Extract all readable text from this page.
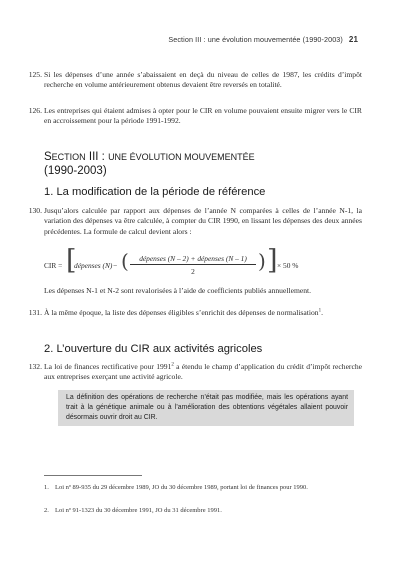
Section III : une évolution mouvementée (1990-2003) 21
125. Si les dépenses d’une année s’abaissaient en deçà du niveau de celles de 1987, les crédits d’impôt recherche en volume antérieurement obtenus devaient être reversés en totalité.
126. Les entreprises qui étaient admises à opter pour le CIR en volume pouvaient ensuite migrer vers le CIR en accroissement pour la période 1991-1992.
SECTION III : UNE ÉVOLUTION MOUVEMENTÉE
(1990-2003)
1. La modification de la période de référence
130. Jusqu’alors calculée par rapport aux dépenses de l’année N comparées à celles de l’année N-1, la variation des dépenses va être calculée, à compter du CIR 1990, en lissant les dépenses des deux années précédentes. La formule de calcul devient alors :
CIR = [
dépenses (N) − (	dépenses (N – 2) + dépenses (N – 1)
2	) ] × 50 %
Les dépenses N-1 et N-2 sont revalorisées à l’aide de coefficients publiés annuellement.
131. À la même époque, la liste des dépenses éligibles s’enrichit des dépenses de normalisation$^1$.
2. L’ouverture du CIR aux activités agricoles
132. La loi de finances rectificative pour 1991$^2$ a étendu le champ d’application du crédit d’impôt recherche aux entreprises exerçant une activité agricole.
La définition des opérations de recherche n’était pas modifiée, mais les opérations ayant trait à la génétique animale ou à l’amélioration des obtentions végétales allaient pouvoir désormais ouvrir droit au CIR.
1. Loi nº 89-935 du 29 décembre 1989, JO du 30 décembre 1989, portant loi de finances pour 1990.
2. Loi nº 91-1323 du 30 décembre 1991, JO du 31 décembre 1991.
